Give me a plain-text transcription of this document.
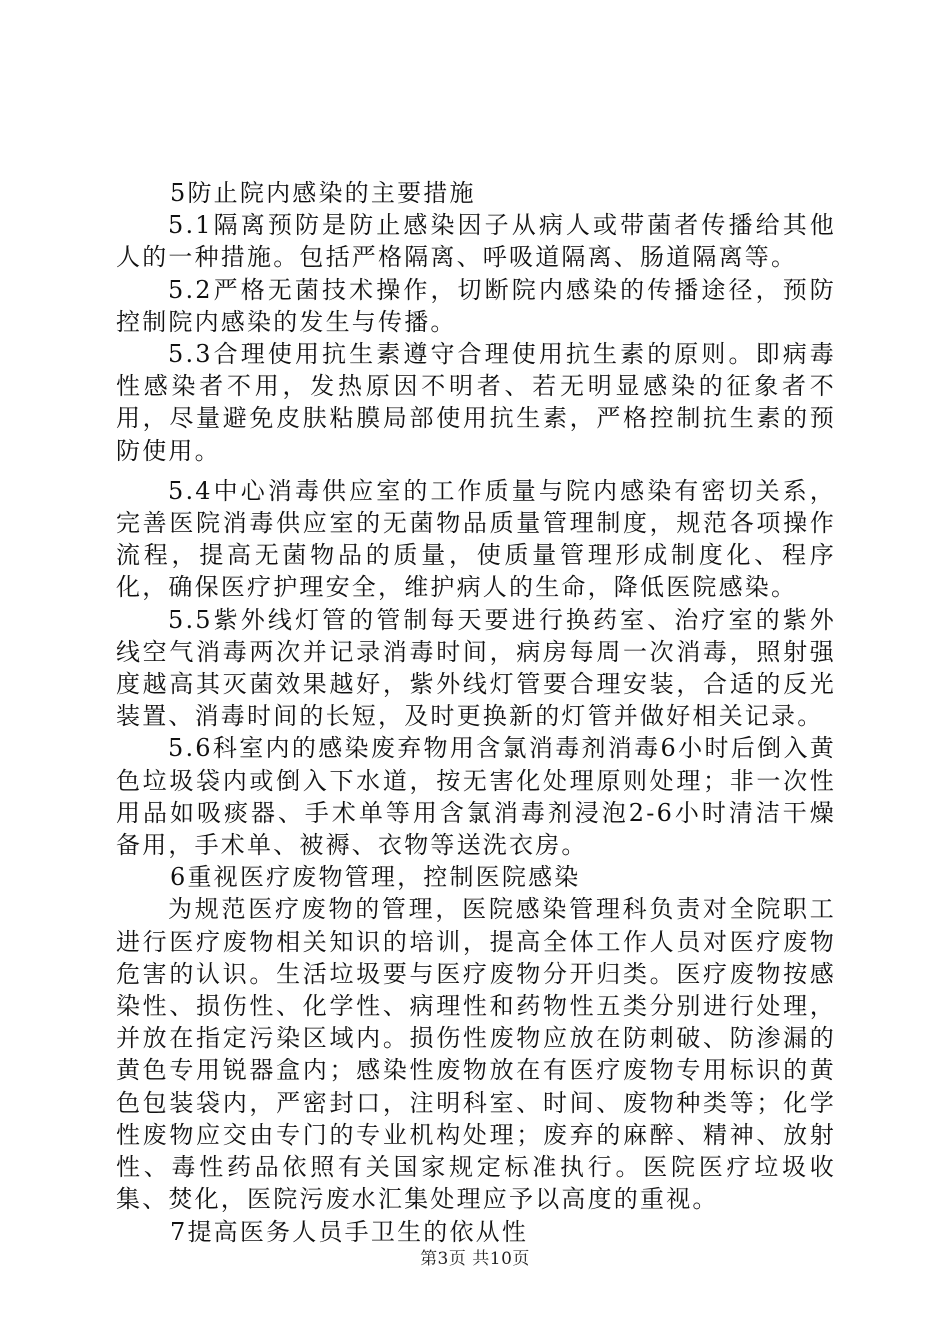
5防止院内感染的主要措施

5.1隔离预防是防止感染因子从病人或带菌者传播给其他人的一种措施。包括严格隔离、呼吸道隔离、肠道隔离等。

5.2严格无菌技术操作，切断院内感染的传播途径，预防控制院内感染的发生与传播。

5.3合理使用抗生素遵守合理使用抗生素的原则。即病毒性感染者不用，发热原因不明者、若无明显感染的征象者不用，尽量避免皮肤粘膜局部使用抗生素，严格控制抗生素的预防使用。

5.4中心消毒供应室的工作质量与院内感染有密切关系，完善医院消毒供应室的无菌物品质量管理制度，规范各项操作流程，提高无菌物品的质量，使质量管理形成制度化、程序化，确保医疗护理安全，维护病人的生命，降低医院感染。

5.5紫外线灯管的管制每天要进行换药室、治疗室的紫外线空气消毒两次并记录消毒时间，病房每周一次消毒，照射强度越高其灭菌效果越好，紫外线灯管要合理安装，合适的反光装置、消毒时间的长短，及时更换新的灯管并做好相关记录。

5.6科室内的感染废弃物用含氯消毒剂消毒6小时后倒入黄色垃圾袋内或倒入下水道，按无害化处理原则处理；非一次性用品如吸痰器、手术单等用含氯消毒剂浸泡2-6小时清洁干燥备用，手术单、被褥、衣物等送洗衣房。

6重视医疗废物管理，控制医院感染

为规范医疗废物的管理，医院感染管理科负责对全院职工进行医疗废物相关知识的培训，提高全体工作人员对医疗废物危害的认识。生活垃圾要与医疗废物分开归类。医疗废物按感染性、损伤性、化学性、病理性和药物性五类分别进行处理，并放在指定污染区域内。损伤性废物应放在防刺破、防渗漏的黄色专用锐器盒内；感染性废物放在有医疗废物专用标识的黄色包装袋内，严密封口，注明科室、时间、废物种类等；化学性废物应交由专门的专业机构处理；废弃的麻醉、精神、放射性、毒性药品依照有关国家规定标准执行。医院医疗垃圾收集、焚化，医院污废水汇集处理应予以高度的重视。

7提高医务人员手卫生的依从性

第3页 共10页
